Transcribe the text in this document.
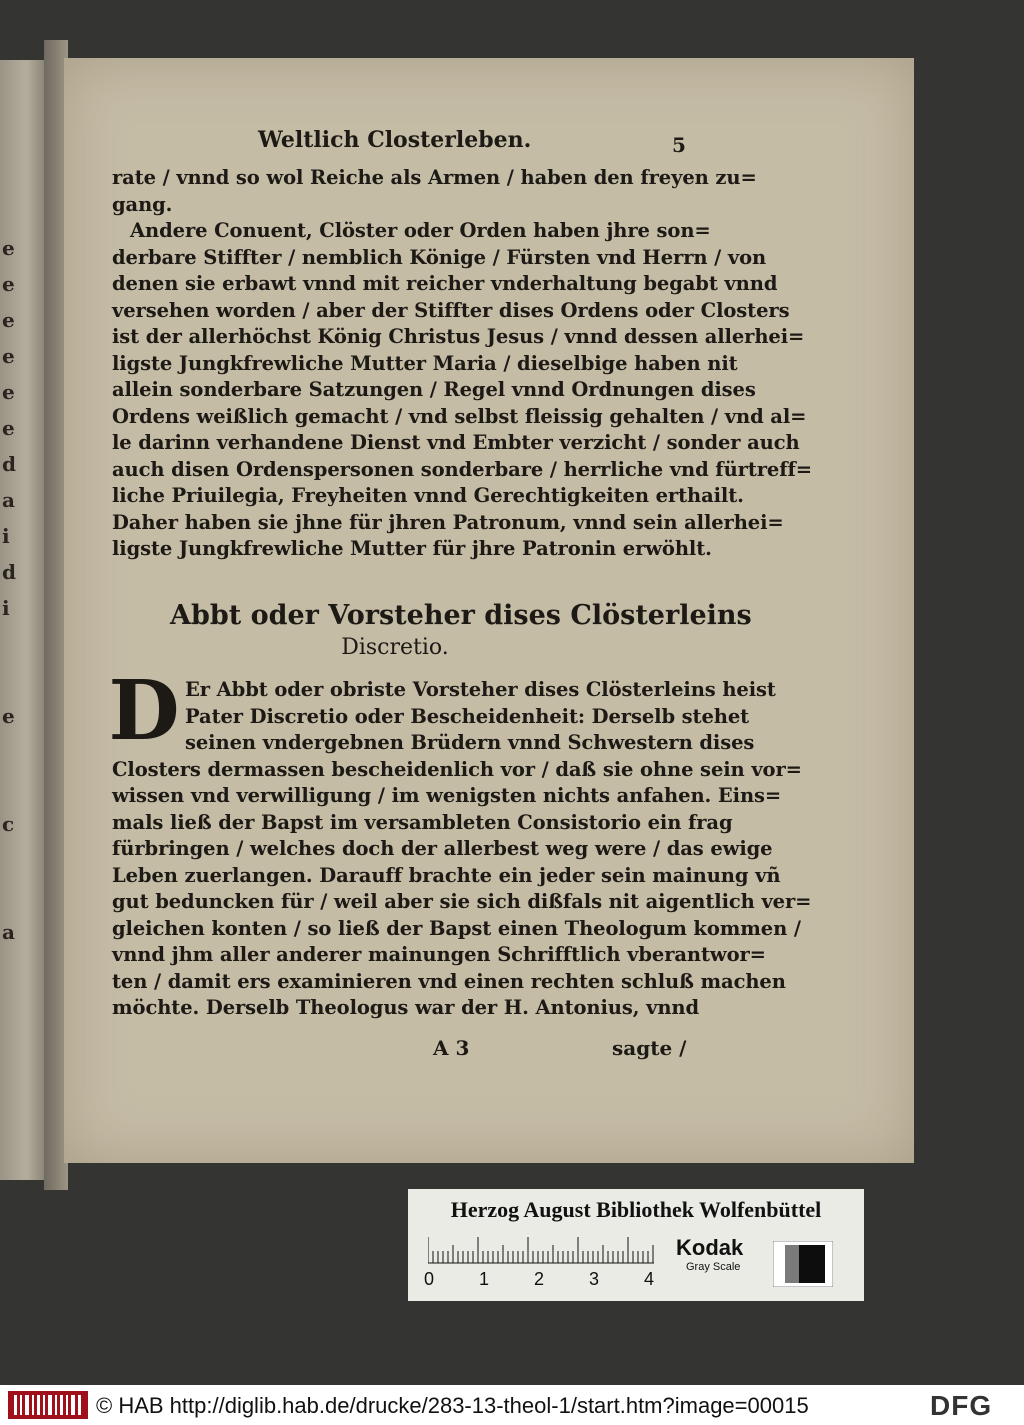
e
e
e
e
e
e
d
a
i
d
i
e
c
a
Weltlich Closterleben.	5
rate / vnnd so wol Reiche als Armen / haben den freyen zu=
gang.
Andere Conuent, Clöster oder Orden haben jhre son=
derbare Stiffter / nemblich Könige / Fürsten vnd Herrn / von
denen sie erbawt vnnd mit reicher vnderhaltung begabt vnnd
versehen worden / aber der Stiffter dises Ordens oder Closters
ist der allerhöchst König Christus Jesus / vnnd dessen allerhei=
ligste Jungkfrewliche Mutter Maria / dieselbige haben nit
allein sonderbare Satzungen / Regel vnnd Ordnungen dises
Ordens weißlich gemacht / vnd selbst fleissig gehalten / vnd al=
le darinn verhandene Dienst vnd Embter verzicht / sonder auch
auch disen Ordenspersonen sonderbare / herrliche vnd fürtreff=
liche Priuilegia, Freyheiten vnnd Gerechtigkeiten erthailt.
Daher haben sie jhne für jhren Patronum, vnnd sein allerhei=
ligste Jungkfrewliche Mutter für jhre Patronin erwöhlt.
Abbt oder Vorsteher dises Clösterleins
Discretio.
D Er Abbt oder obriste Vorsteher dises Clösterleins heist
Pater Discretio oder Bescheidenheit: Derselb stehet
seinen vndergebnen Brüdern vnnd Schwestern dises
Closters dermassen bescheidenlich vor / daß sie ohne sein vor=
wissen vnd verwilligung / im wenigsten nichts anfahen. Eins=
mals ließ der Bapst im versambleten Consistorio ein frag
fürbringen / welches doch der allerbest weg were / das ewige
Leben zuerlangen. Darauff brachte ein jeder sein mainung vñ
gut beduncken für / weil aber sie sich dißfals nit aigentlich ver=
gleichen konten / so ließ der Bapst einen Theologum kommen /
vnnd jhm aller anderer mainungen Schrifftlich vberantwor=
ten / damit ers examinieren vnd einen rechten schluß machen
möchte. Derselb Theologus war der H. Antonius, vnnd
A 3	sagte /
Herzog August Bibliothek Wolfenbüttel
0 1 2 3 4
Kodak
Gray Scale
© HAB http://diglib.hab.de/drucke/283-13-theol-1/start.htm?image=00015	DFG
